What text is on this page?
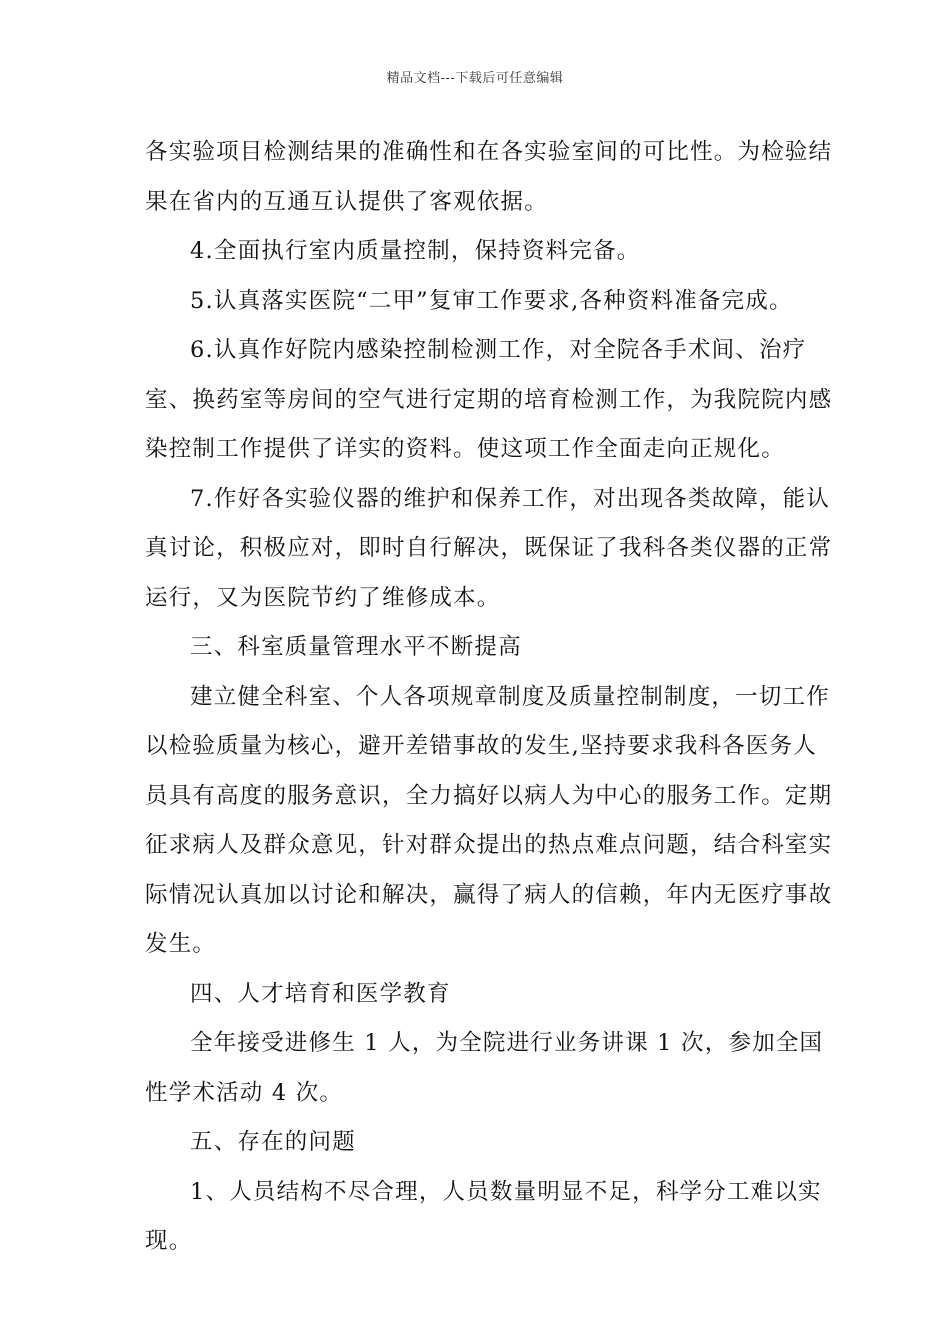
精品文档---下载后可任意编辑

各实验项目检测结果的准确性和在各实验室间的可比性。为检验结果在省内的互通互认提供了客观依据。

4.全面执行室内质量控制，保持资料完备。

5.认真落实医院“二甲”复审工作要求,各种资料准备完成。

6.认真作好院内感染控制检测工作，对全院各手术间、治疗室、换药室等房间的空气进行定期的培育检测工作，为我院院内感染控制工作提供了详实的资料。使这项工作全面走向正规化。

7.作好各实验仪器的维护和保养工作，对出现各类故障，能认真讨论，积极应对，即时自行解决，既保证了我科各类仪器的正常运行，又为医院节约了维修成本。

三、科室质量管理水平不断提高

建立健全科室、个人各项规章制度及质量控制制度，一切工作以检验质量为核心，避开差错事故的发生,坚持要求我科各医务人员具有高度的服务意识，全力搞好以病人为中心的服务工作。定期征求病人及群众意见，针对群众提出的热点难点问题，结合科室实际情况认真加以讨论和解决，赢得了病人的信赖，年内无医疗事故发生。

四、人才培育和医学教育

全年接受进修生 1 人，为全院进行业务讲课 1 次，参加全国性学术活动 4 次。

五、存在的问题

1、人员结构不尽合理，人员数量明显不足，科学分工难以实现。
